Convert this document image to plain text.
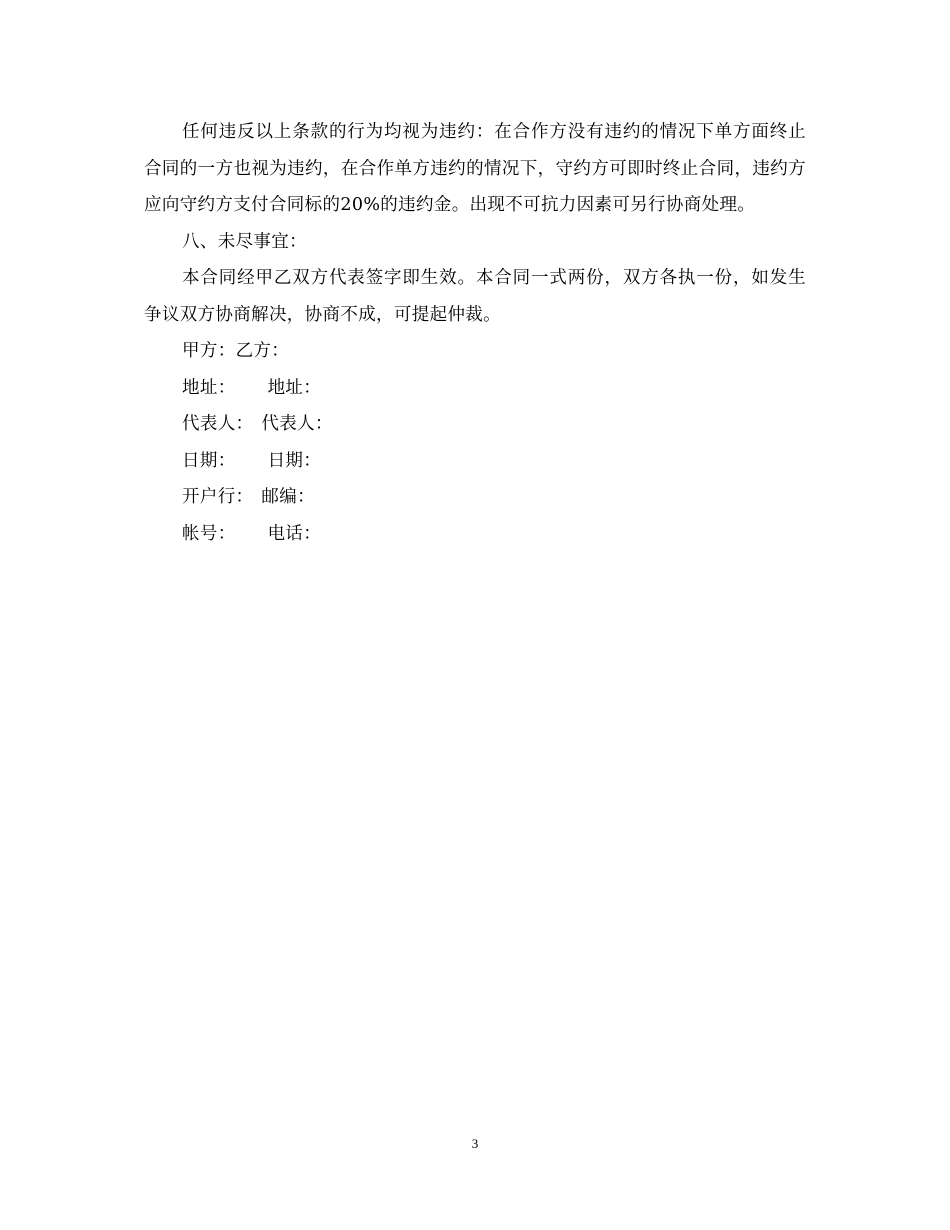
任何违反以上条款的行为均视为违约：在合作方没有违约的情况下单方面终止合同的一方也视为违约，在合作单方违约的情况下，守约方可即时终止合同，违约方应向守约方支付合同标的20%的违约金。出现不可抗力因素可另行协商处理。

八、未尽事宜：

本合同经甲乙双方代表签字即生效。本合同一式两份，双方各执一份，如发生争议双方协商解决，协商不成，可提起仲裁。

甲方：乙方：
地址： 地址：
代表人： 代表人：
日期： 日期：
开户行： 邮编：
帐号： 电话：
3
